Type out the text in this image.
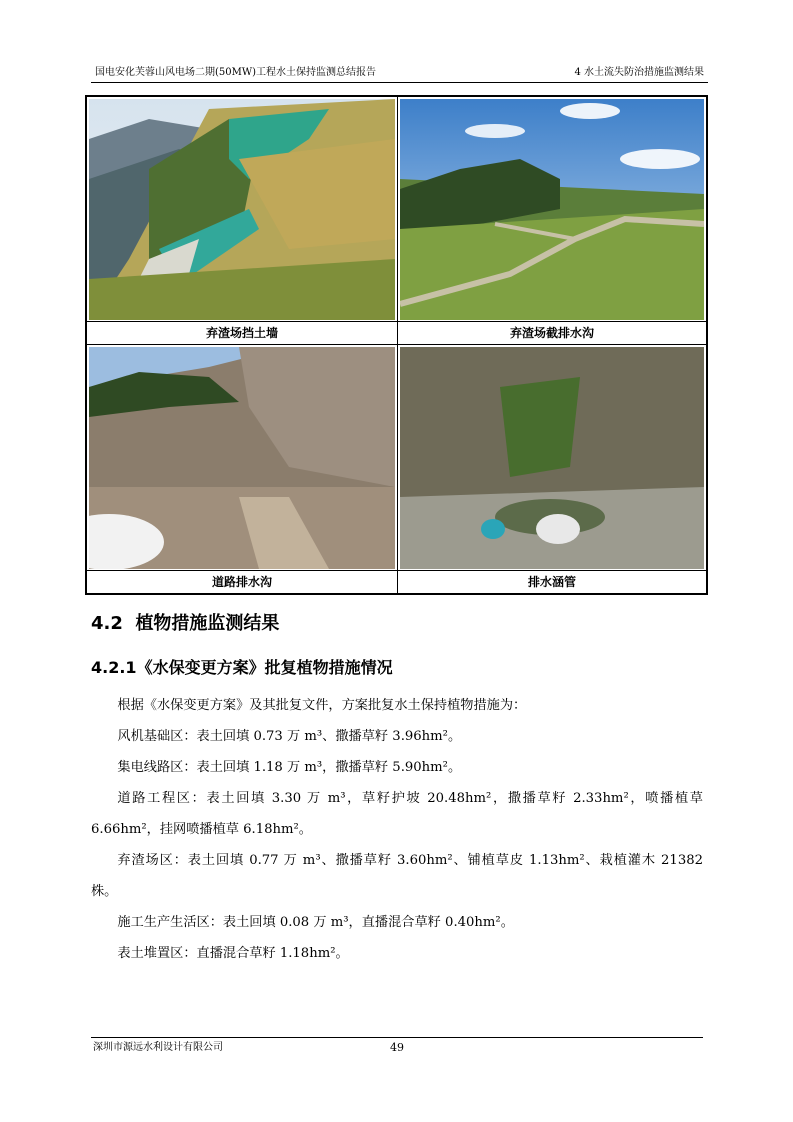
国电安化芙蓉山风电场二期(50MW)工程水土保持监测总结报告	4 水土流失防治措施监测结果
弃渣场挡土墙	弃渣场截排水沟
道路排水沟	排水涵管
4.2 植物措施监测结果
4.2.1《水保变更方案》批复植物措施情况

根据《水保变更方案》及其批复文件，方案批复水土保持植物措施为：

风机基础区：表土回填 0.73 万 m³、撒播草籽 3.96hm²。

集电线路区：表土回填 1.18 万 m³，撒播草籽 5.90hm²。

道路工程区：表土回填 3.30 万 m³，草籽护坡 20.48hm²，撒播草籽 2.33hm²，喷播植草 6.66hm²，挂网喷播植草 6.18hm²。

弃渣场区：表土回填 0.77 万 m³、撒播草籽 3.60hm²、铺植草皮 1.13hm²、栽植灌木 21382 株。

施工生产生活区：表土回填 0.08 万 m³，直播混合草籽 0.40hm²。

表土堆置区：直播混合草籽 1.18hm²。

深圳市源远水利设计有限公司	49
